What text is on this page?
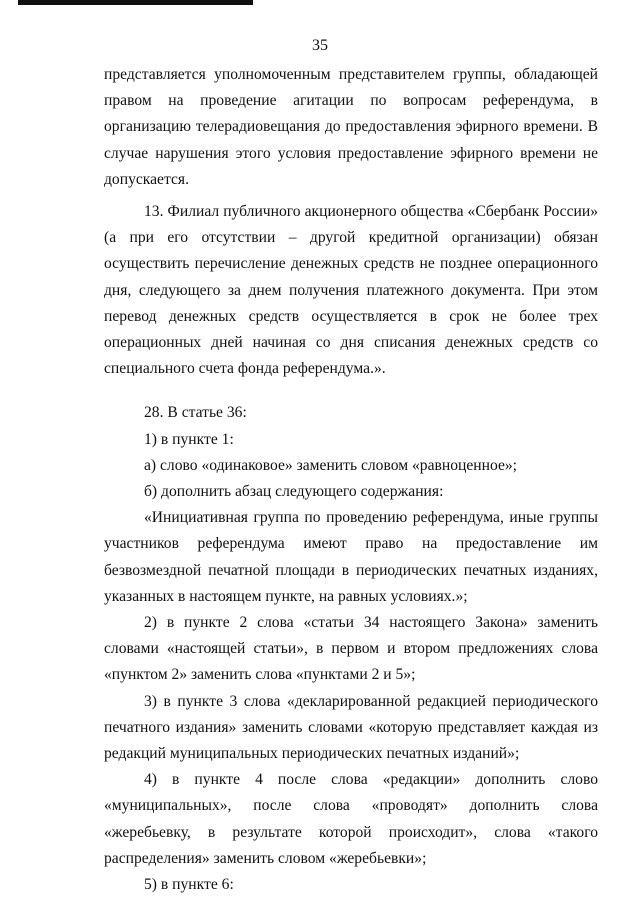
35

представляется уполномоченным представителем группы, обладающей правом на проведение агитации по вопросам референдума, в организацию телерадиовещания до предоставления эфирного времени. В случае нарушения этого условия предоставление эфирного времени не допускается.

13. Филиал публичного акционерного общества «Сбербанк России» (а при его отсутствии – другой кредитной организации) обязан осуществить перечисление денежных средств не позднее операционного дня, следующего за днем получения платежного документа. При этом перевод денежных средств осуществляется в срок не более трех операционных дней начиная со дня списания денежных средств со специального счета фонда референдума.».

28. В статье 36:

1) в пункте 1:

а) слово «одинаковое» заменить словом «равноценное»;

б) дополнить абзац следующего содержания:

«Инициативная группа по проведению референдума, иные группы участников референдума имеют право на предоставление им безвозмездной печатной площади в периодических печатных изданиях, указанных в настоящем пункте, на равных условиях.»;

2) в пункте 2 слова «статьи 34 настоящего Закона» заменить словами «настоящей статьи», в первом и втором предложениях слова «пунктом 2» заменить слова «пунктами 2 и 5»;

3) в пункте 3 слова «декларированной редакцией периодического печатного издания» заменить словами «которую представляет каждая из редакций муниципальных периодических печатных изданий»;

4) в пункте 4 после слова «редакции» дополнить слово «муниципальных», после слова «проводят» дополнить слова «жеребьевку, в результате которой происходит», слова «такого распределения» заменить словом «жеребьевки»;

5) в пункте 6:
